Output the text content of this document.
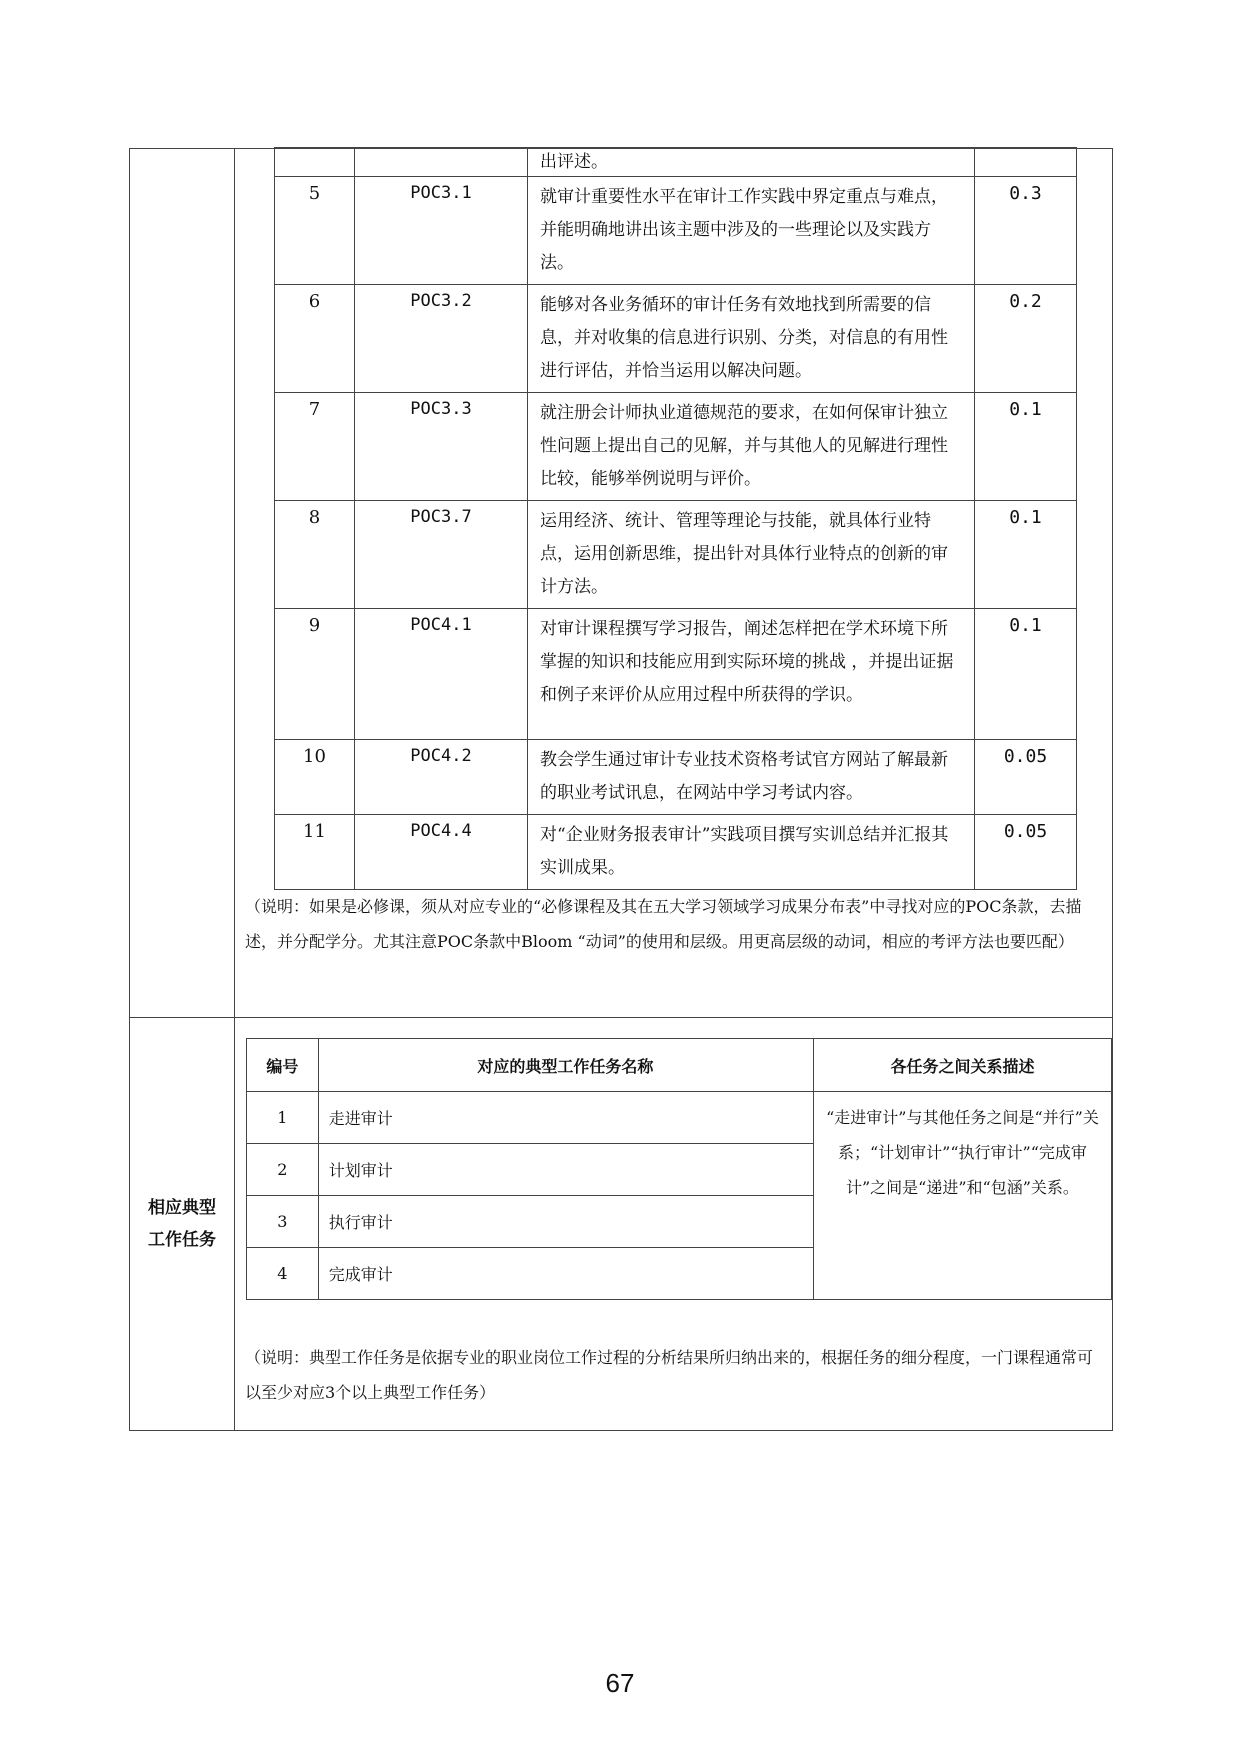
		出评述。	
5	POC3.1	就审计重要性水平在审计工作实践中界定重点与难点，并能明确地讲出该主题中涉及的一些理论以及实践方法。	0.3
6	POC3.2	能够对各业务循环的审计任务有效地找到所需要的信息，并对收集的信息进行识别、分类，对信息的有用性进行评估，并恰当运用以解决问题。	0.2
7	POC3.3	就注册会计师执业道德规范的要求，在如何保审计独立性问题上提出自己的见解，并与其他人的见解进行理性比较，能够举例说明与评价。	0.1
8	POC3.7	运用经济、统计、管理等理论与技能，就具体行业特点，运用创新思维，提出针对具体行业特点的创新的审计方法。	0.1
9	POC4.1	对审计课程撰写学习报告，阐述怎样把在学术环境下所掌握的知识和技能应用到实际环境的挑战 ，并提出证据和例子来评价从应用过程中所获得的学识。	0.1
10	POC4.2	教会学生通过审计专业技术资格考试官方网站了解最新的职业考试讯息，在网站中学习考试内容。	0.05
11	POC4.4	对“企业财务报表审计”实践项目撰写实训总结并汇报其实训成果。	0.05
（说明：如果是必修课，须从对应专业的“必修课程及其在五大学习领域学习成果分布表”中寻找对应的POC条款，去描述，并分配学分。尤其注意POC条款中Bloom “动词”的使用和层级。用更高层级的动词，相应的考评方法也要匹配）
相应典型工作任务
编号	对应的典型工作任务名称	各任务之间关系描述
1	走进审计	“走进审计”与其他任务之间是“并行”关系；“计划审计”“执行审计”“完成审计”之间是“递进”和“包涵”关系。
2	计划审计	
3	执行审计	
4	完成审计	
（说明：典型工作任务是依据专业的职业岗位工作过程的分析结果所归纳出来的，根据任务的细分程度，一门课程通常可以至少对应3个以上典型工作任务）
67
